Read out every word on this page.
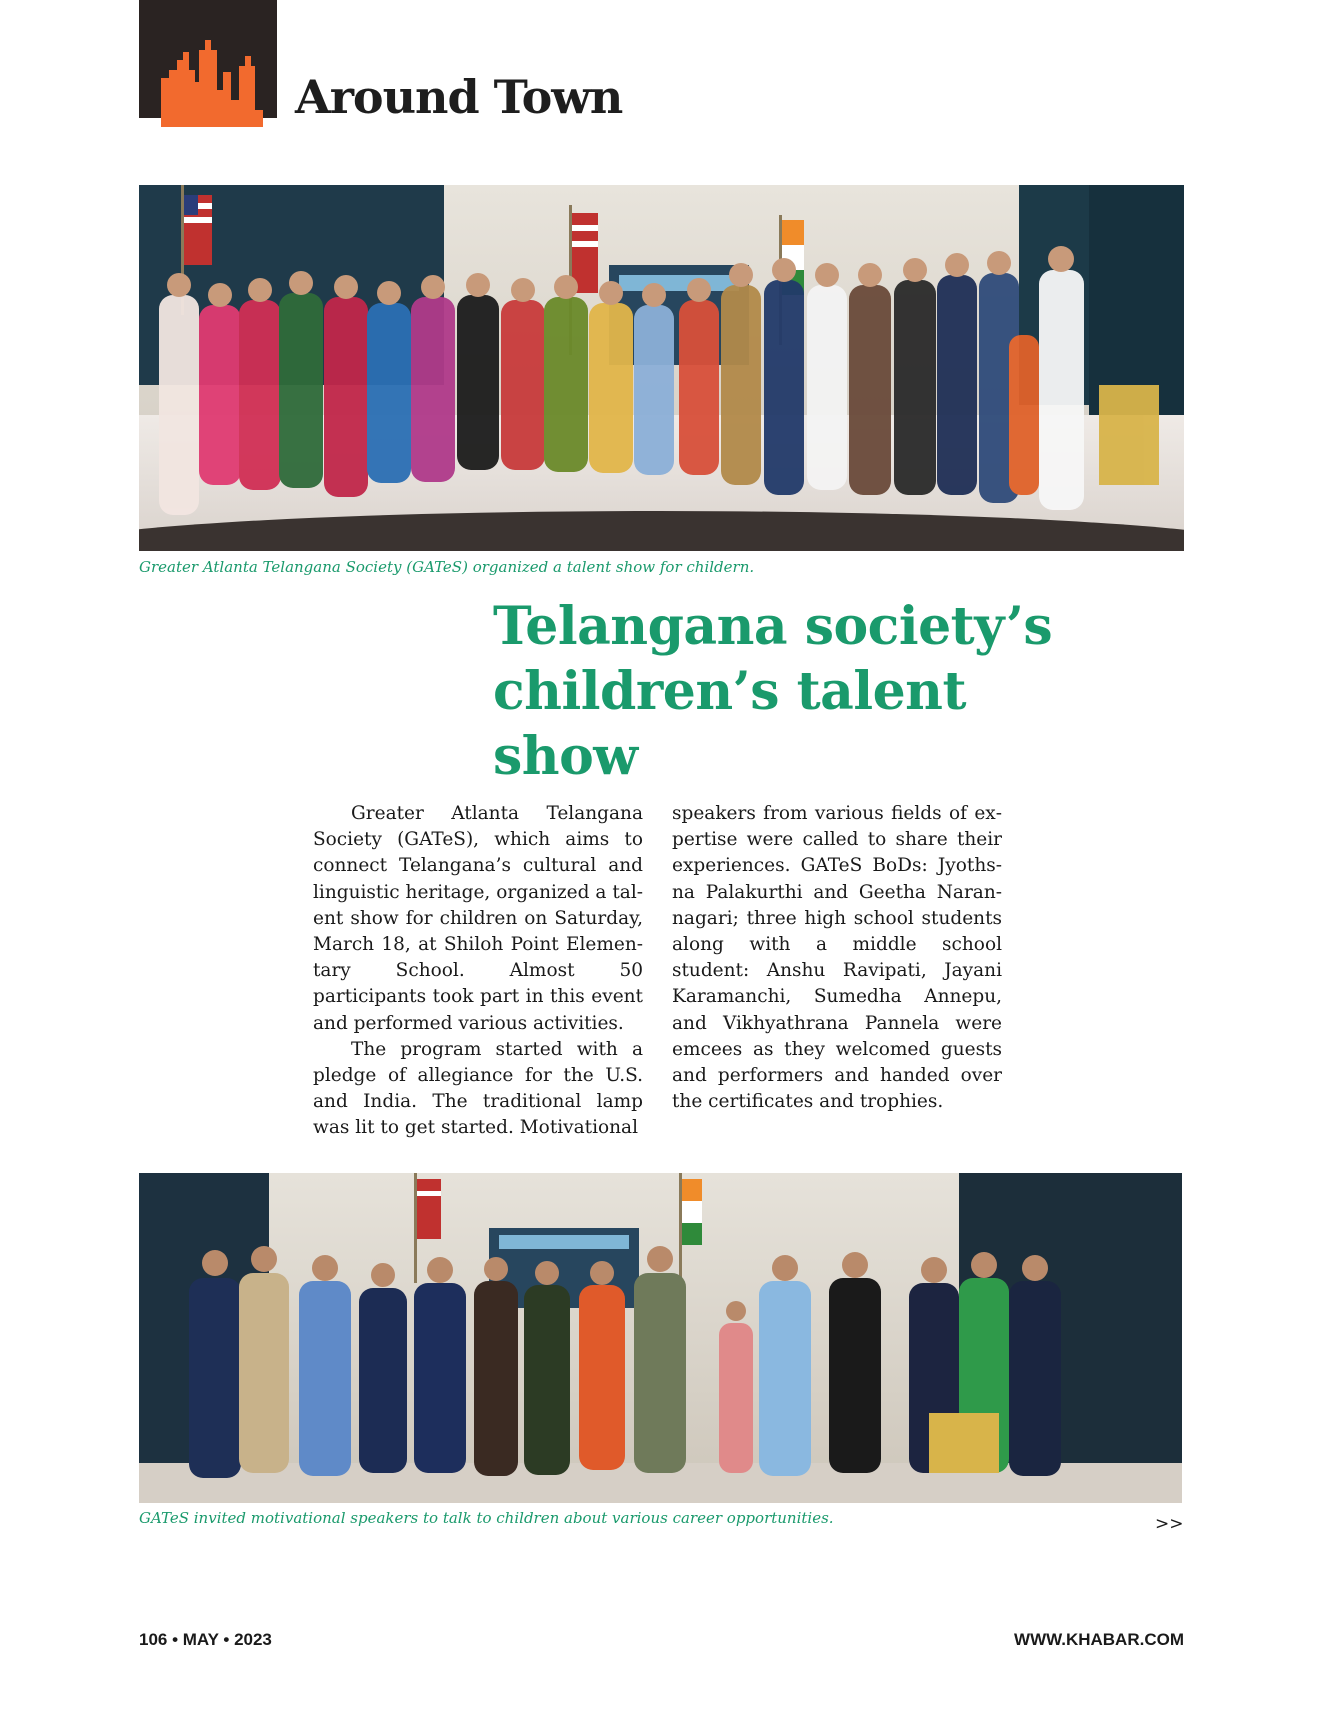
Around Town
Greater Atlanta Telangana Society (GATeS) organized a talent show for childern.
Telangana society’s children’s talent show

Greater Atlanta Telangana Society (GATeS), which aims to connect Telangana’s cultural and linguistic heritage, organized a talent show for children on Saturday, March 18, at Shiloh Point Elementary School. Almost 50 participants took part in this event and performed various activities.

The program started with a pledge of allegiance for the U.S. and India. The traditional lamp was lit to get started. Motivational

speakers from various fields of expertise were called to share their experiences. GATeS BoDs: Jyothsna Palakurthi and Geetha Narannagari; three high school students along with a middle school student: Anshu Ravipati, Jayani Karamanchi, Sumedha Annepu, and Vikhyathrana Pannela were emcees as they welcomed guests and performers and handed over the certificates and trophies.

GATeS invited motivational speakers to talk to children about various career opportunities.	>>
106 • MAY • 2023	WWW.KHABAR.COM
